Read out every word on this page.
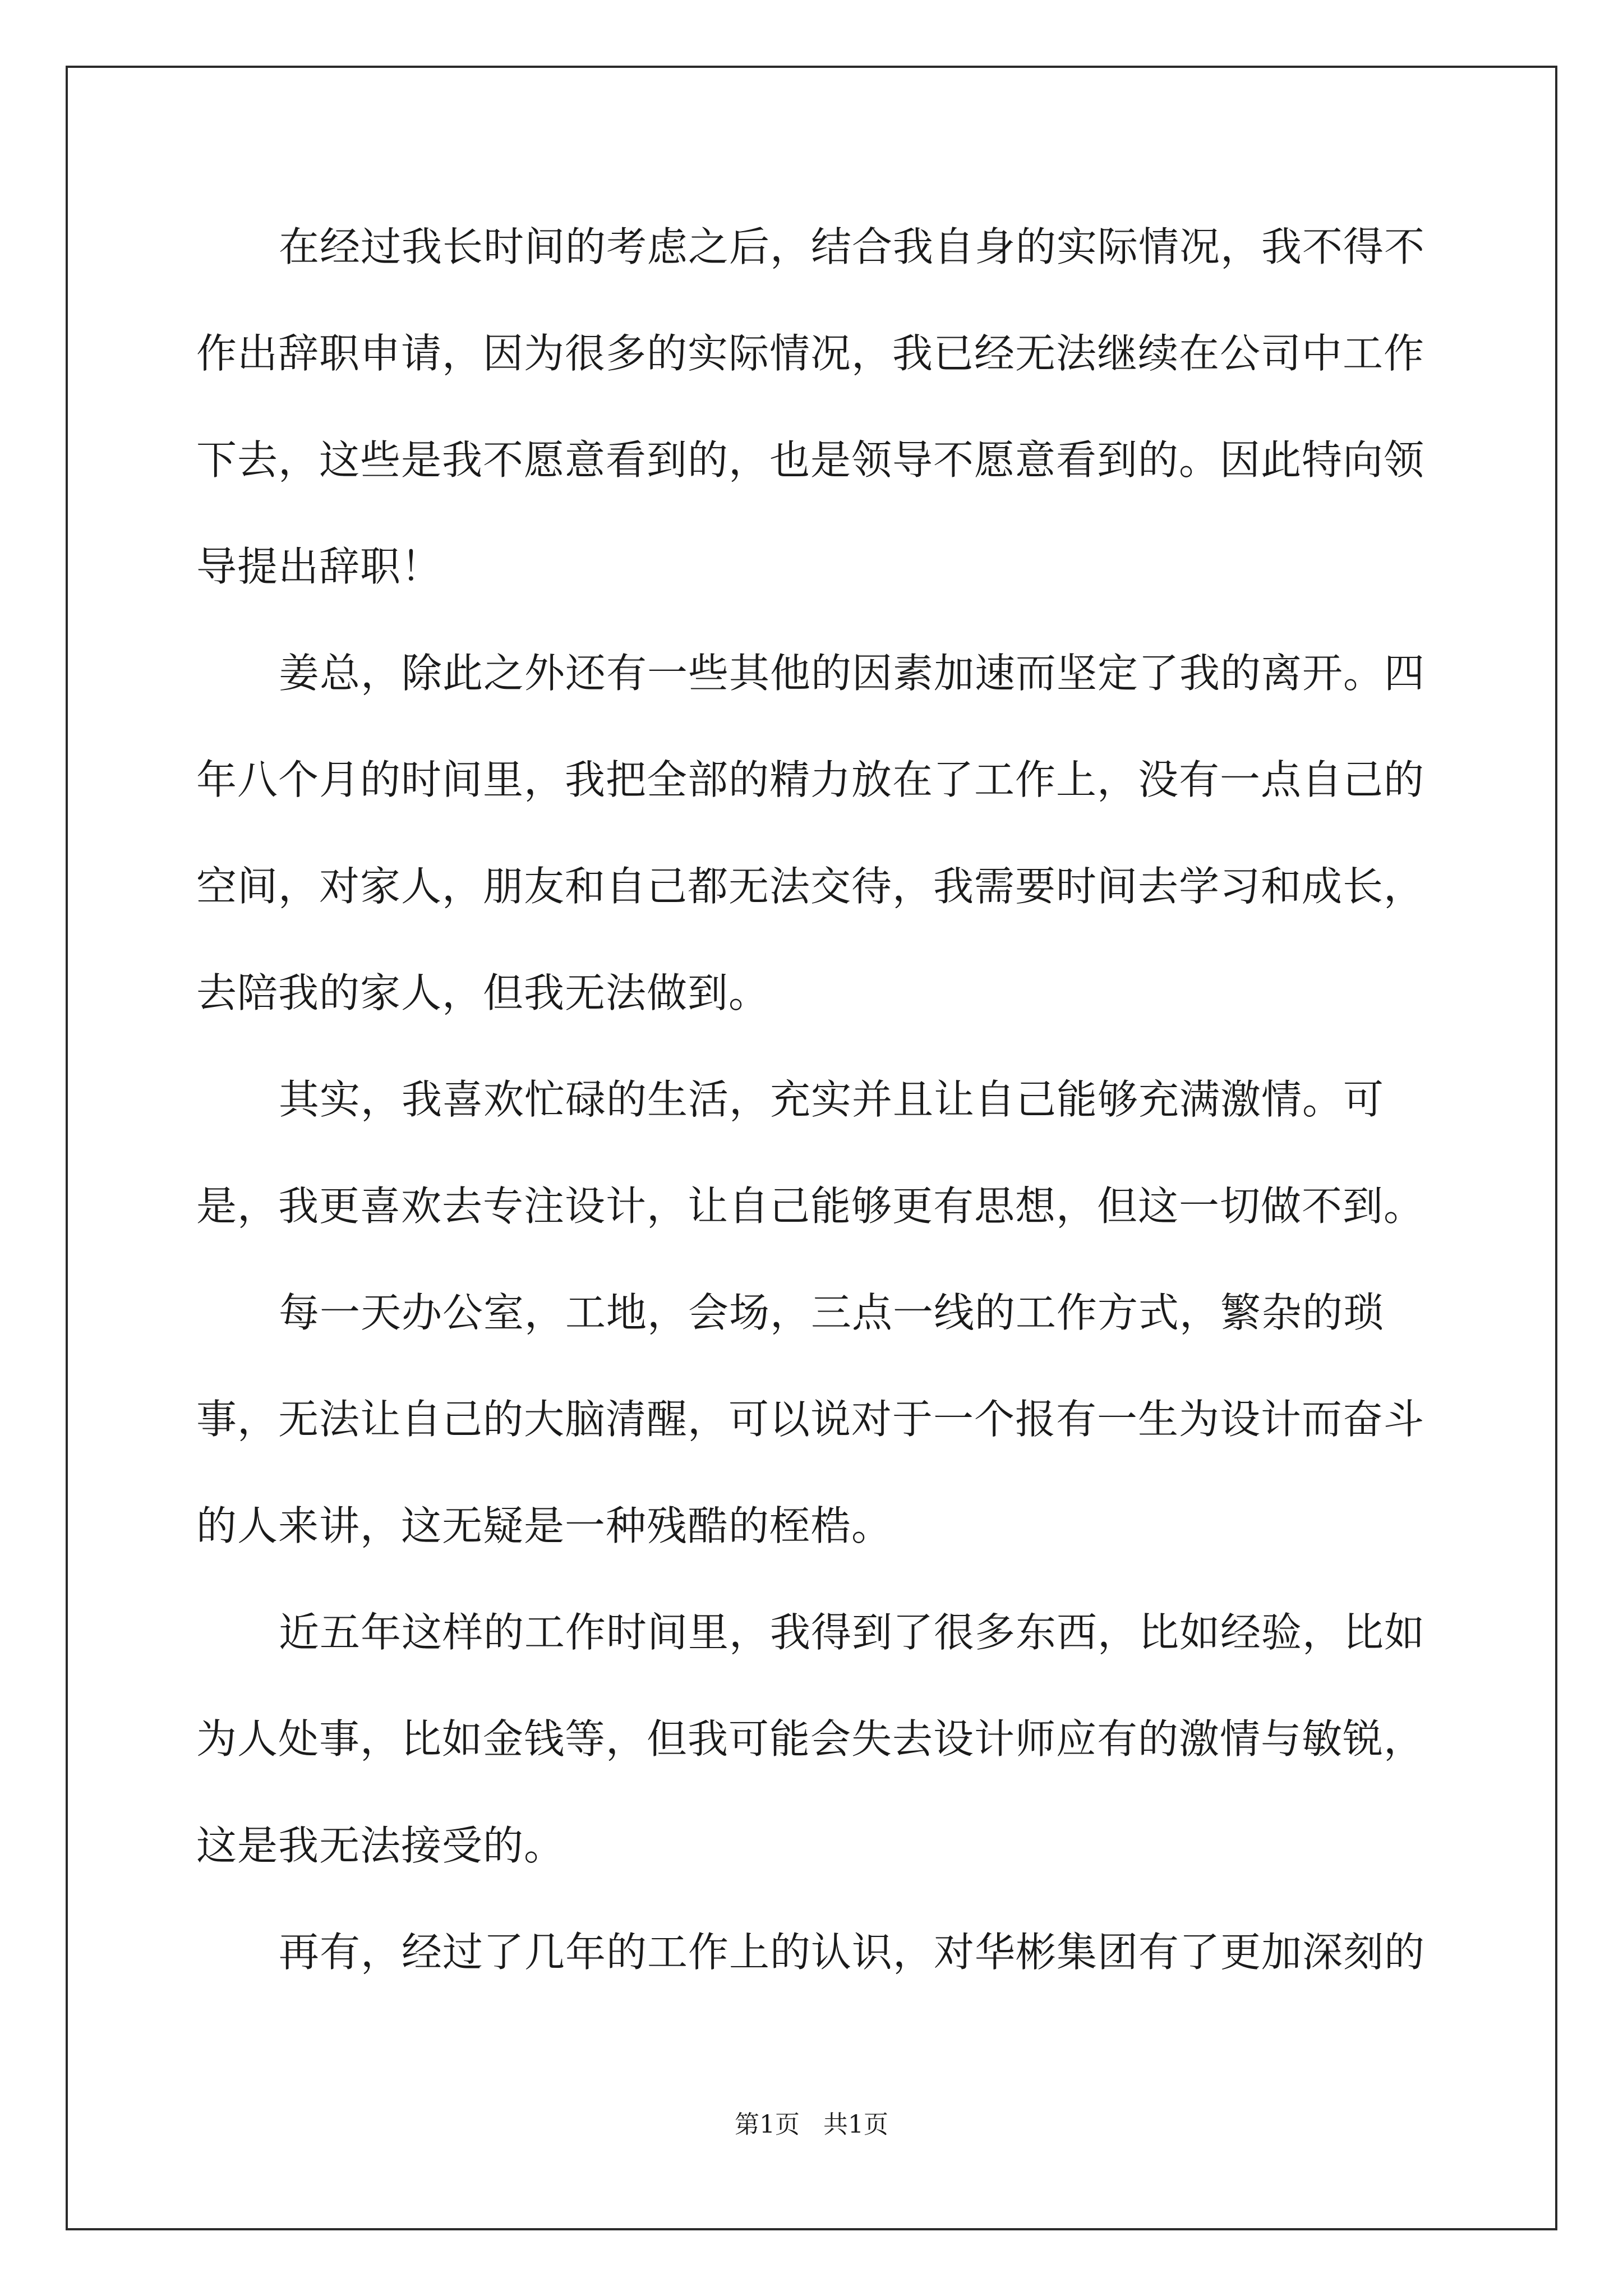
在经过我长时间的考虑之后，结合我自身的实际情况，我不得不作出辞职申请，因为很多的实际情况，我已经无法继续在公司中工作下去，这些是我不愿意看到的，也是领导不愿意看到的。因此特向领导提出辞职！

姜总，除此之外还有一些其他的因素加速而坚定了我的离开。四年八个月的时间里，我把全部的精力放在了工作上，没有一点自己的空间，对家人，朋友和自己都无法交待，我需要时间去学习和成长，去陪我的家人，但我无法做到。

其实，我喜欢忙碌的生活，充实并且让自己能够充满激情。可是，我更喜欢去专注设计，让自己能够更有思想，但这一切做不到。

每一天办公室，工地，会场，三点一线的工作方式，繁杂的琐事，无法让自己的大脑清醒，可以说对于一个报有一生为设计而奋斗的人来讲，这无疑是一种残酷的桎梏。

近五年这样的工作时间里，我得到了很多东西，比如经验，比如为人处事，比如金钱等，但我可能会失去设计师应有的激情与敏锐，这是我无法接受的。

再有，经过了几年的工作上的认识，对华彬集团有了更加深刻的

第1页 共1页
